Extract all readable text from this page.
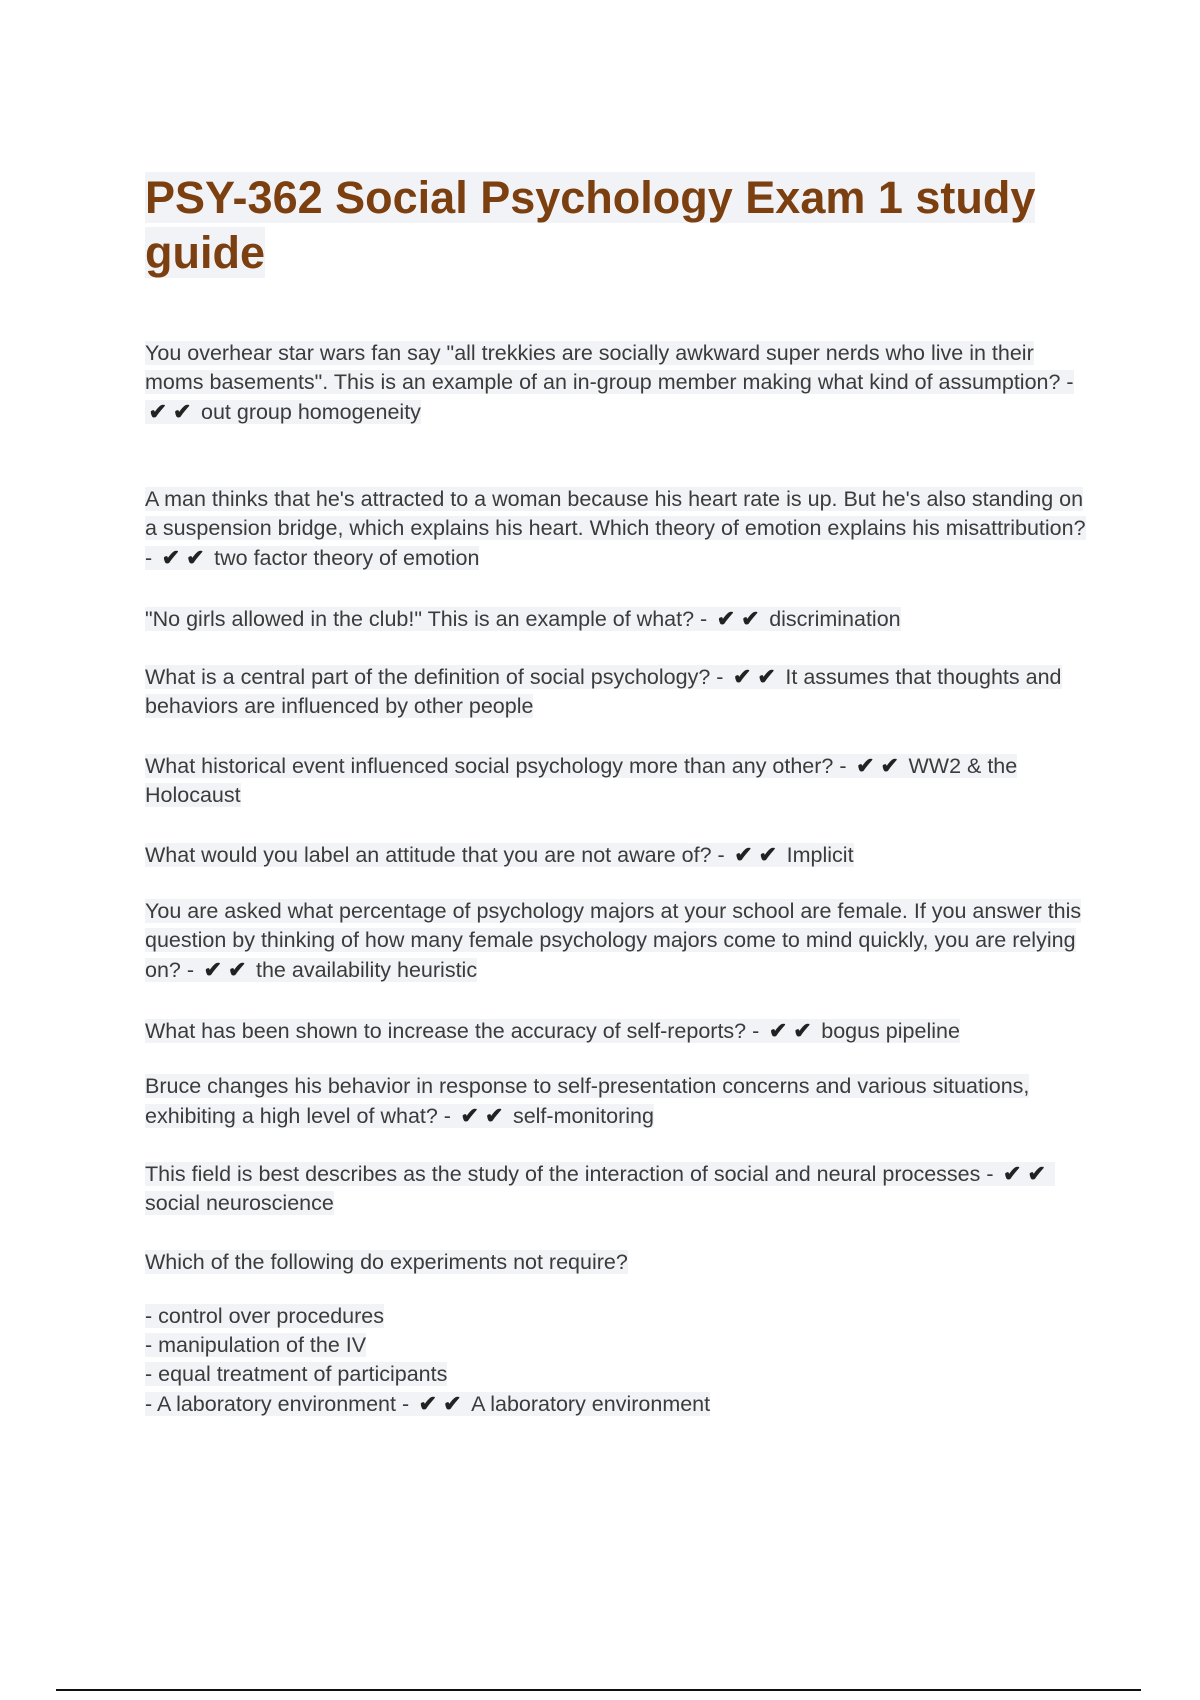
PSY-362 Social Psychology Exam 1 study guide
You overhear star wars fan say "all trekkies are socially awkward super nerds who live in their moms basements". This is an example of an in-group member making what kind of assumption? - ✔✔ out group homogeneity
A man thinks that he's attracted to a woman because his heart rate is up. But he's also standing on a suspension bridge, which explains his heart. Which theory of emotion explains his misattribution? - ✔✔ two factor theory of emotion
"No girls allowed in the club!" This is an example of what? - ✔✔ discrimination
What is a central part of the definition of social psychology? - ✔✔ It assumes that thoughts and behaviors are influenced by other people
What historical event influenced social psychology more than any other? - ✔✔ WW2 & the Holocaust
What would you label an attitude that you are not aware of? - ✔✔ Implicit
You are asked what percentage of psychology majors at your school are female. If you answer this question by thinking of how many female psychology majors come to mind quickly, you are relying on? - ✔✔ the availability heuristic
What has been shown to increase the accuracy of self-reports? - ✔✔ bogus pipeline
Bruce changes his behavior in response to self-presentation concerns and various situations, exhibiting a high level of what? - ✔✔ self-monitoring
This field is best describes as the study of the interaction of social and neural processes - ✔✔social neuroscience
Which of the following do experiments not require?
- control over procedures
- manipulation of the IV
- equal treatment of participants
- A laboratory environment - ✔✔ A laboratory environment
